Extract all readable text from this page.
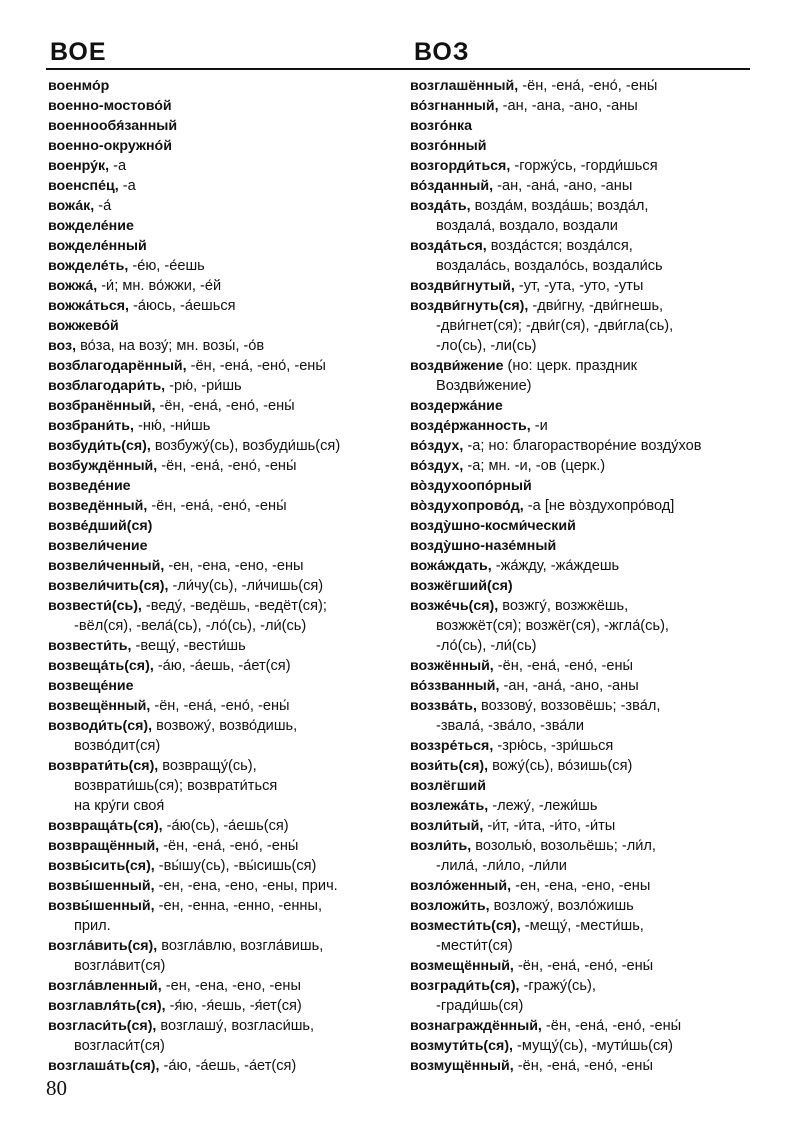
ВОЕ	ВОЗ
военмо́р
военно-мостово́й
военнообя́занный
военно-окружно́й
военру́к, -а
военспе́ц, -а
вожа́к, -а́
вожделе́ние
вожделе́нный
вожделе́ть, -е́ю, -е́ешь
вожжа́, -и́; мн. во́жжи, -е́й
вожжа́ться, -а́юсь, -а́ешься
вожжево́й
воз, во́за, на возу́; мн. возы́, -о́в
возблагодарённый, -ён, -ена́, -ено́, -ены́
возблагодари́ть, -рю́, -ри́шь
возбранённый, -ён, -ена́, -ено́, -ены́
возбрани́ть, -ню́, -ни́шь
возбуди́ть(ся), возбужу́(сь), возбуди́шь(ся)
возбуждённый, -ён, -ена́, -ено́, -ены́
возведе́ние
возведённый, -ён, -ена́, -ено́, -ены́
возве́дший(ся)
возвели́чение
возвели́ченный, -ен, -ена, -ено, -ены
возвели́чить(ся), -ли́чу(сь), -ли́чишь(ся)
возвести́(сь), -веду́, -ведёшь, -ведёт(ся);
-вёл(ся), -вела́(сь), -ло́(сь), -ли́(сь)
возвести́ть, -вещу́, -вести́шь
возвеща́ть(ся), -а́ю, -а́ешь, -а́ет(ся)
возвеще́ние
возвещённый, -ён, -ена́, -ено́, -ены́
возводи́ть(ся), возвожу́, возво́дишь,
возво́дит(ся)
возврати́ть(ся), возвращу́(сь),
возврати́шь(ся); возврати́ться
на кру́ги своя́
возвраща́ть(ся), -а́ю(сь), -а́ешь(ся)
возвращённый, -ён, -ена́, -ено́, -ены́
возвы́сить(ся), -вы́шу(сь), -вы́сишь(ся)
возвы́шенный, -ен, -ена, -ено, -ены, прич.
возвы́шенный, -ен, -енна, -енно, -енны,
прил.
возгла́вить(ся), возгла́влю, возгла́вишь,
возгла́вит(ся)
возгла́вленный, -ен, -ена, -ено, -ены
возглавля́ть(ся), -я́ю, -я́ешь, -я́ет(ся)
возгласи́ть(ся), возглашу́, возгласи́шь,
возгласи́т(ся)
возглаша́ть(ся), -а́ю, -а́ешь, -а́ет(ся)
возглашённый, -ён, -ена́, -ено́, -ены́
во́згнанный, -ан, -ана, -ано, -аны
возго́нка
возго́нный
возгорди́ться, -горжу́сь, -горди́шься
во́зданный, -ан, -ана́, -ано, -аны
возда́ть, возда́м, возда́шь; возда́л,
воздала́, воздало, воздали
возда́ться, возда́стся; возда́лся,
воздала́сь, воздало́сь, воздали́сь
воздви́гнутый, -ут, -ута, -уто, -уты
воздви́гнуть(ся), -дви́гну, -дви́гнешь,
-дви́гнет(ся); -дви́г(ся), -дви́гла(сь),
-ло(сь), -ли(сь)
воздви́жение (но: церк. праздник
Воздви́жение)
воздержа́ние
возде́ржанность, -и
во́здух, -а; но: благорастворе́ние возду́хов
во́здух, -а; мн. -и, -ов (церк.)
во̀здухоопо́рный
во̀здухопрово́д, -а [не во̀здухопро́вод]
возду̀шно-косми́ческий
возду̀шно-назе́мный
вожа́ждать, -жа́жду, -жа́ждешь
возжёгший(ся)
возже́чь(ся), возжгу́, возжжёшь,
возжжёт(ся); возжёг(ся), -жгла́(сь),
-ло́(сь), -ли́(сь)
возжённый, -ён, -ена́, -ено́, -ены́
во́ззванный, -ан, -ана́, -ано, -аны
воззва́ть, воззову́, воззовёшь; -зва́л,
-звала́, -зва́ло, -зва́ли
воззре́ться, -зрю́сь, -зри́шься
вози́ть(ся), вожу́(сь), во́зишь(ся)
возлёгший
возлежа́ть, -лежу́, -лежи́шь
возли́тый, -и́т, -и́та, -и́то, -и́ты
возли́ть, возолью́, возольёшь; -ли́л,
-лила́, -ли́ло, -ли́ли
возло́женный, -ен, -ена, -ено, -ены
возложи́ть, возложу́, возло́жишь
возмести́ть(ся), -мещу́, -мести́шь,
-мести́т(ся)
возмещённый, -ён, -ена́, -ено́, -ены́
возгради́ть(ся), -гражу́(сь),
-гради́шь(ся)
вознаграждённый, -ён, -ена́, -ено́, -ены́
возмути́ть(ся), -мущу́(сь), -мути́шь(ся)
возмущённый, -ён, -ена́, -ено́, -ены́
80
